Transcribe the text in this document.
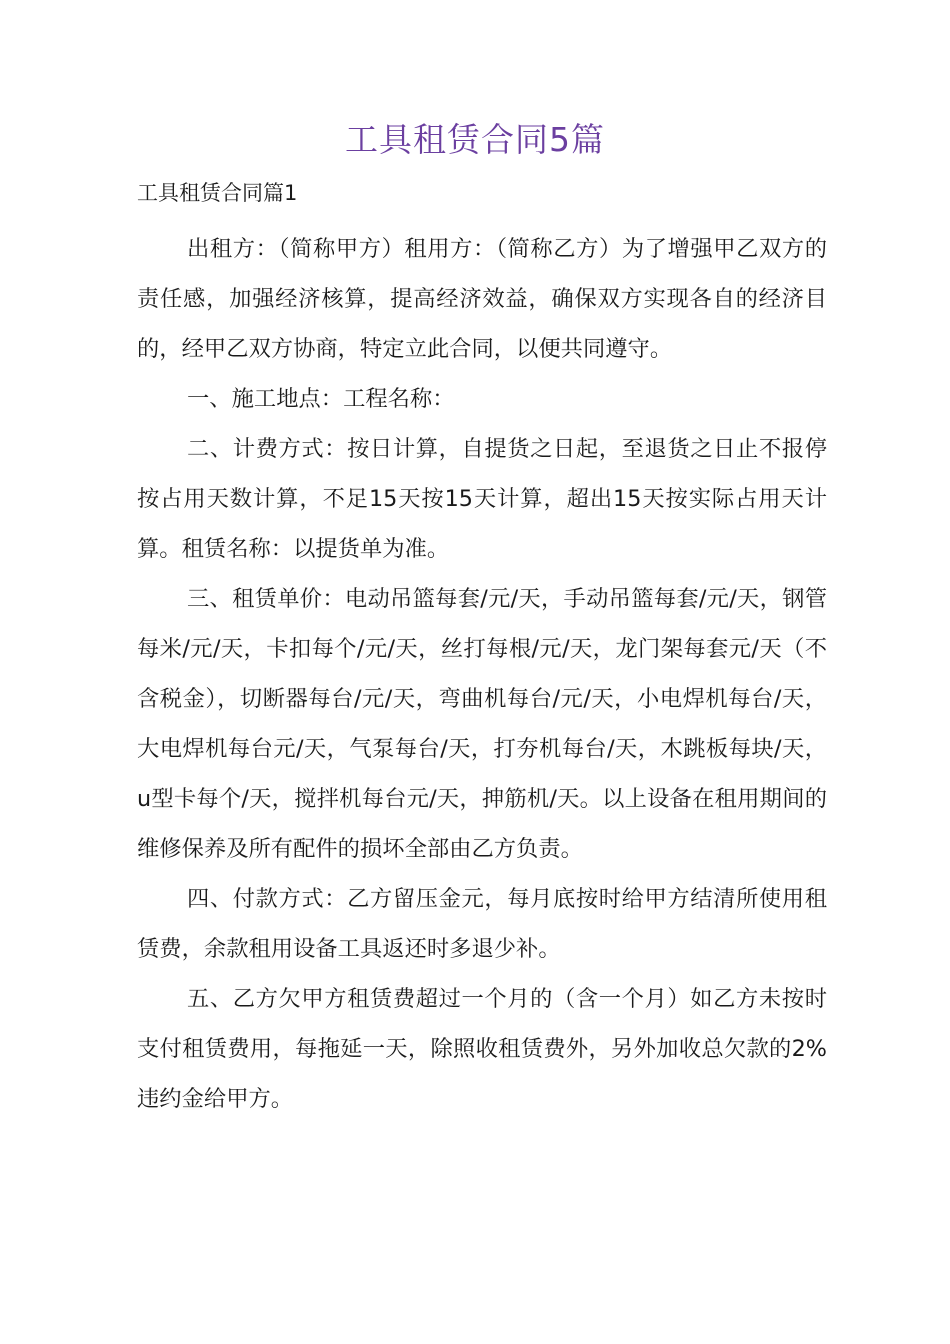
工具租赁合同5篇

工具租赁合同篇1

出租方：（简称甲方）租用方：（简称乙方）为了增强甲乙双方的责任感，加强经济核算，提高经济效益，确保双方实现各自的经济目的，经甲乙双方协商，特定立此合同，以便共同遵守。

一、施工地点：工程名称：

二、计费方式：按日计算，自提货之日起，至退货之日止不报停按占用天数计算，不足15天按15天计算，超出15天按实际占用天计算。租赁名称：以提货单为准。

三、租赁单价：电动吊篮每套/元/天，手动吊篮每套/元/天，钢管每米/元/天，卡扣每个/元/天，丝打每根/元/天，龙门架每套元/天（不含税金），切断器每台/元/天，弯曲机每台/元/天，小电焊机每台/天，大电焊机每台元/天，气泵每台/天，打夯机每台/天，木跳板每块/天，u型卡每个/天，搅拌机每台元/天，抻筋机/天。以上设备在租用期间的维修保养及所有配件的损坏全部由乙方负责。

四、付款方式：乙方留压金元，每月底按时给甲方结清所使用租赁费，余款租用设备工具返还时多退少补。

五、乙方欠甲方租赁费超过一个月的（含一个月）如乙方未按时支付租赁费用，每拖延一天，除照收租赁费外，另外加收总欠款的2%违约金给甲方。
